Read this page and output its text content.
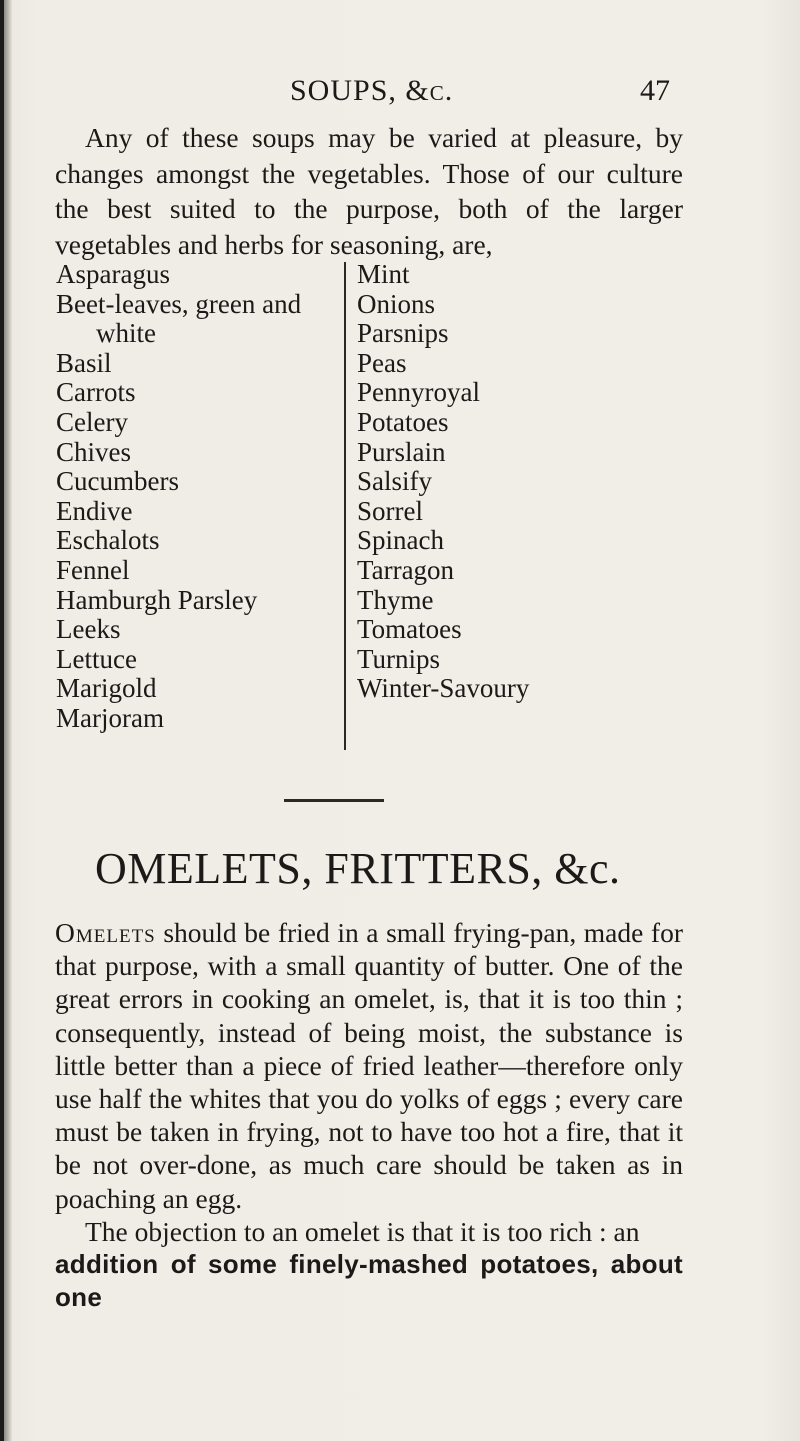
SOUPS, &c.	47
Any of these soups may be varied at pleasure, by changes amongst the vegetables. Those of our culture the best suited to the purpose, both of the larger vegetables and herbs for seasoning, are,
Asparagus
Beet-leaves, green and
white
Basil
Carrots
Celery
Chives
Cucumbers
Endive
Eschalots
Fennel
Hamburgh Parsley
Leeks
Lettuce
Marigold
Marjoram
Mint
Onions
Parsnips
Peas
Pennyroyal
Potatoes
Purslain
Salsify
Sorrel
Spinach
Tarragon
Thyme
Tomatoes
Turnips
Winter-Savoury
OMELETS, FRITTERS, &c.

Omelets should be fried in a small frying-pan, made for that purpose, with a small quantity of butter. One of the great errors in cooking an omelet, is, that it is too thin ; consequently, instead of being moist, the substance is little better than a piece of fried leather—therefore only use half the whites that you do yolks of eggs ; every care must be taken in frying, not to have too hot a fire, that it be not over-done, as much care should be taken as in poaching an egg.

The objection to an omelet is that it is too rich : an

addition of some finely-mashed potatoes, about one
